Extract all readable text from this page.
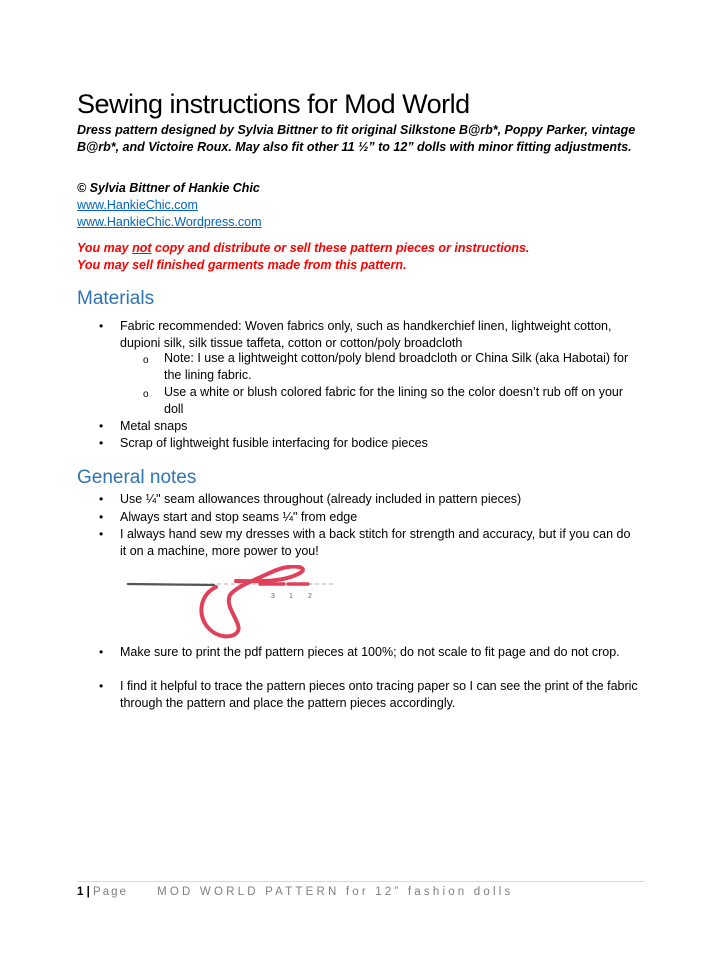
Sewing instructions for Mod World
Dress pattern designed by Sylvia Bittner to fit original Silkstone B@rb*, Poppy Parker, vintage B@rb*, and Victoire Roux. May also fit other 11 ½” to 12” dolls with minor fitting adjustments.
© Sylvia Bittner of Hankie Chic
www.HankieChic.com
www.HankieChic.Wordpress.com
You may not copy and distribute or sell these pattern pieces or instructions.
You may sell finished garments made from this pattern.
Materials
• Fabric recommended: Woven fabrics only, such as handkerchief linen, lightweight cotton, dupioni silk, silk tissue taffeta, cotton or cotton/poly broadcloth
o Note: I use a lightweight cotton/poly blend broadcloth or China Silk (aka Habotai) for the lining fabric.
o Use a white or blush colored fabric for the lining so the color doesn’t rub off on your doll
• Metal snaps
• Scrap of lightweight fusible interfacing for bodice pieces
General notes
• Use ¼" seam allowances throughout (already included in pattern pieces)
• Always start and stop seams ¼" from edge
• I always hand sew my dresses with a back stitch for strength and accuracy, but if you can do it on a machine, more power to you!
3 1 2
• Make sure to print the pdf pattern pieces at 100%; do not scale to fit page and do not crop.
• I find it helpful to trace the pattern pieces onto tracing paper so I can see the print of the fabric through the pattern and place the pattern pieces accordingly.
1 | Page	MOD WORLD PATTERN for 12” fashion dolls
